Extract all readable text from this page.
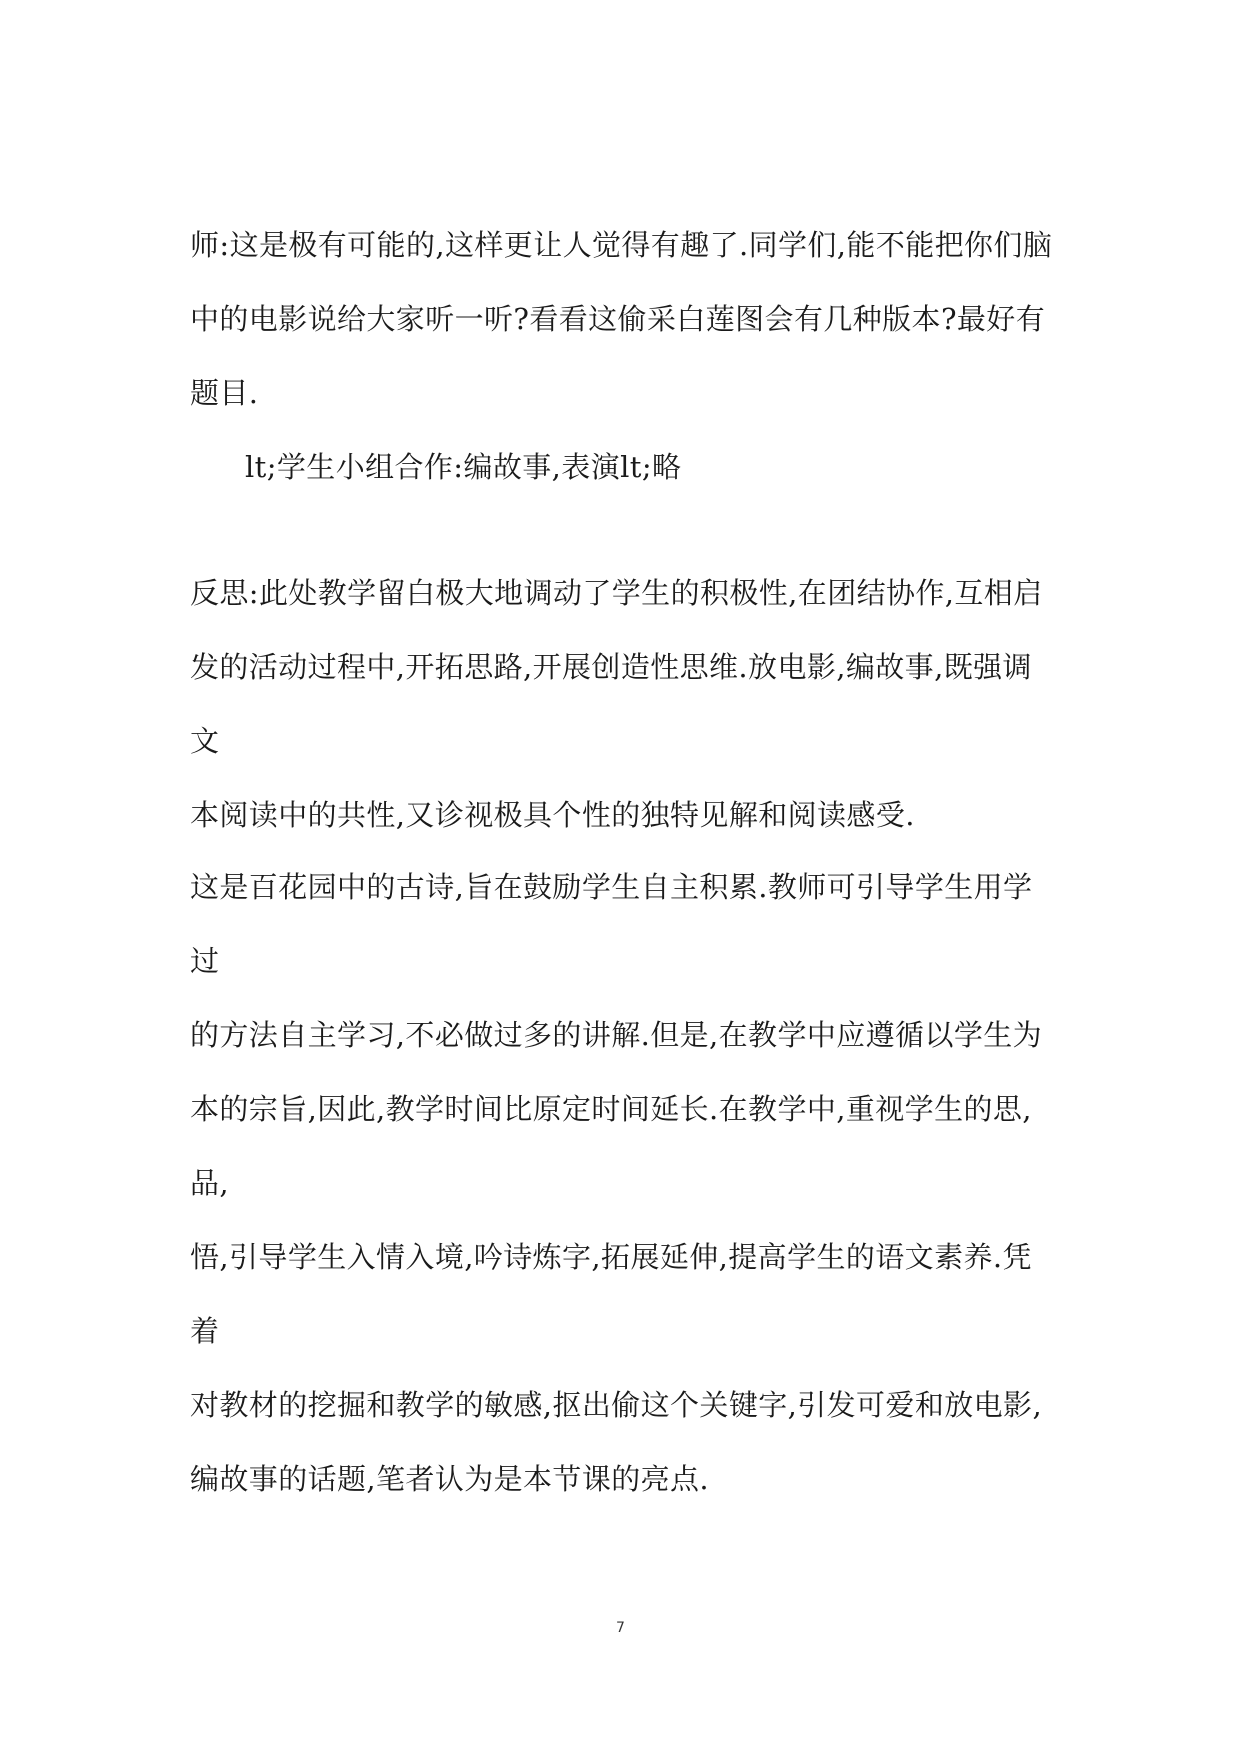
师:这是极有可能的,这样更让人觉得有趣了.同学们,能不能把你们脑
中的电影说给大家听一听?看看这偷采白莲图会有几种版本?最好有
题目.

lt;学生小组合作:编故事,表演lt;略

反思:此处教学留白极大地调动了学生的积极性,在团结协作,互相启
发的活动过程中,开拓思路,开展创造性思维.放电影,编故事,既强调文
本阅读中的共性,又诊视极具个性的独特见解和阅读感受.

这是百花园中的古诗,旨在鼓励学生自主积累.教师可引导学生用学过
的方法自主学习,不必做过多的讲解.但是,在教学中应遵循以学生为
本的宗旨,因此,教学时间比原定时间延长.在教学中,重视学生的思,品,
悟,引导学生入情入境,吟诗炼字,拓展延伸,提高学生的语文素养.凭着
对教材的挖掘和教学的敏感,抠出偷这个关键字,引发可爱和放电影,
编故事的话题,笔者认为是本节课的亮点.

7
